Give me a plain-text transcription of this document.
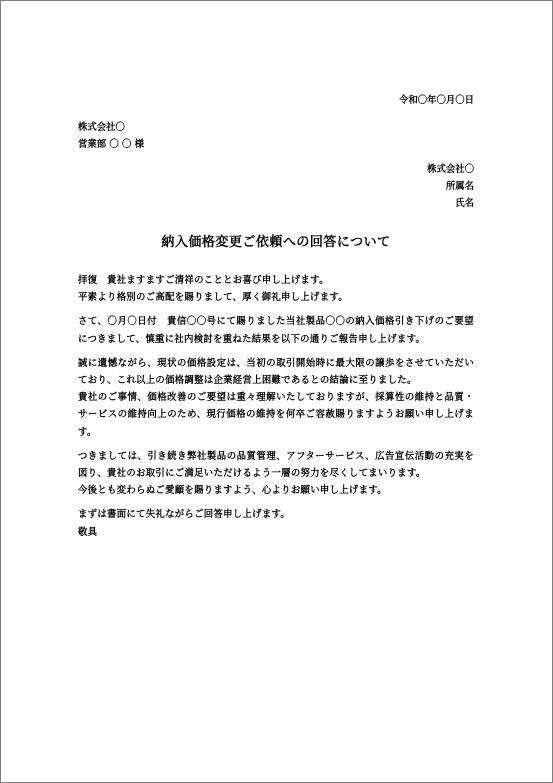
令和〇年〇月〇日
株式会社〇
営業部 〇 〇 様
株式会社〇
所属名
氏名
納入価格変更ご依頼への回答について

拝復　貴社ますますご清祥のこととお喜び申し上げます。

平素より格別のご高配を賜りまして、厚く御礼申し上げます。

さて、〇月〇日付　貴信〇〇号にて賜りました当社製品〇〇の納入価格引き下げのご要望につきまして、慎重に社内検討を重ねた結果を以下の通りご報告申し上げます。

誠に遺憾ながら、現状の価格設定は、当初の取引開始時に最大限の譲歩をさせていただいており、これ以上の価格調整は企業経営上困難であるとの結論に至りました。

貴社のご事情、価格改善のご要望は重々理解いたしておりますが、採算性の維持と品質・サービスの維持向上のため、現行価格の維持を何卒ご容赦賜りますようお願い申し上げます。

つきましては、引き続き弊社製品の品質管理、アフターサービス、広告宣伝活動の充実を図り、貴社のお取引にご満足いただけるよう一層の努力を尽くしてまいります。

今後とも変わらぬご愛顧を賜りますよう、心よりお願い申し上げます。

まずは書面にて失礼ながらご回答申し上げます。

敬具
